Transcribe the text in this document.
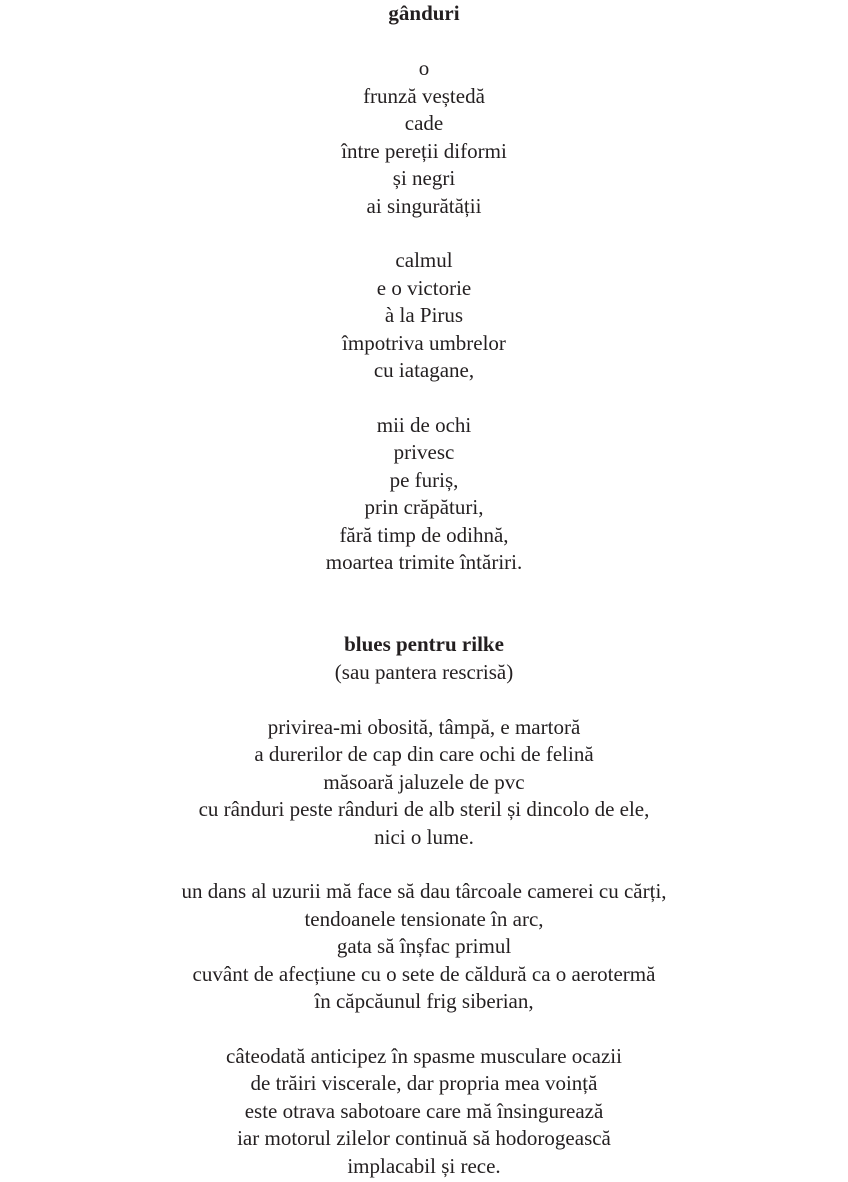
gânduri
o
frunză veștedă
cade
între pereții diformi
și negri
ai singurătății
calmul
e o victorie
à la Pirus
împotriva umbrelor
cu iatagane,
mii de ochi
privesc
pe furiș,
prin crăpături,
fără timp de odihnă,
moartea trimite întăriri.
blues pentru rilke
(sau pantera rescrisă)
privirea-mi obosită, tâmpă, e martoră
a durerilor de cap din care ochi de felină
măsoară jaluzele de pvc
cu rânduri peste rânduri de alb steril și dincolo de ele,
nici o lume.
un dans al uzurii mă face să dau târcoale camerei cu cărți,
tendoanele tensionate în arc,
gata să înșfac primul
cuvânt de afecțiune cu o sete de căldură ca o aerotermă
în căpcăunul frig siberian,
câteodată anticipez în spasme musculare ocazii
de trăiri viscerale, dar propria mea voință
este otrava sabotoare care mă însingurează
iar motorul zilelor continuă să hodorogească
implacabil și rece.
